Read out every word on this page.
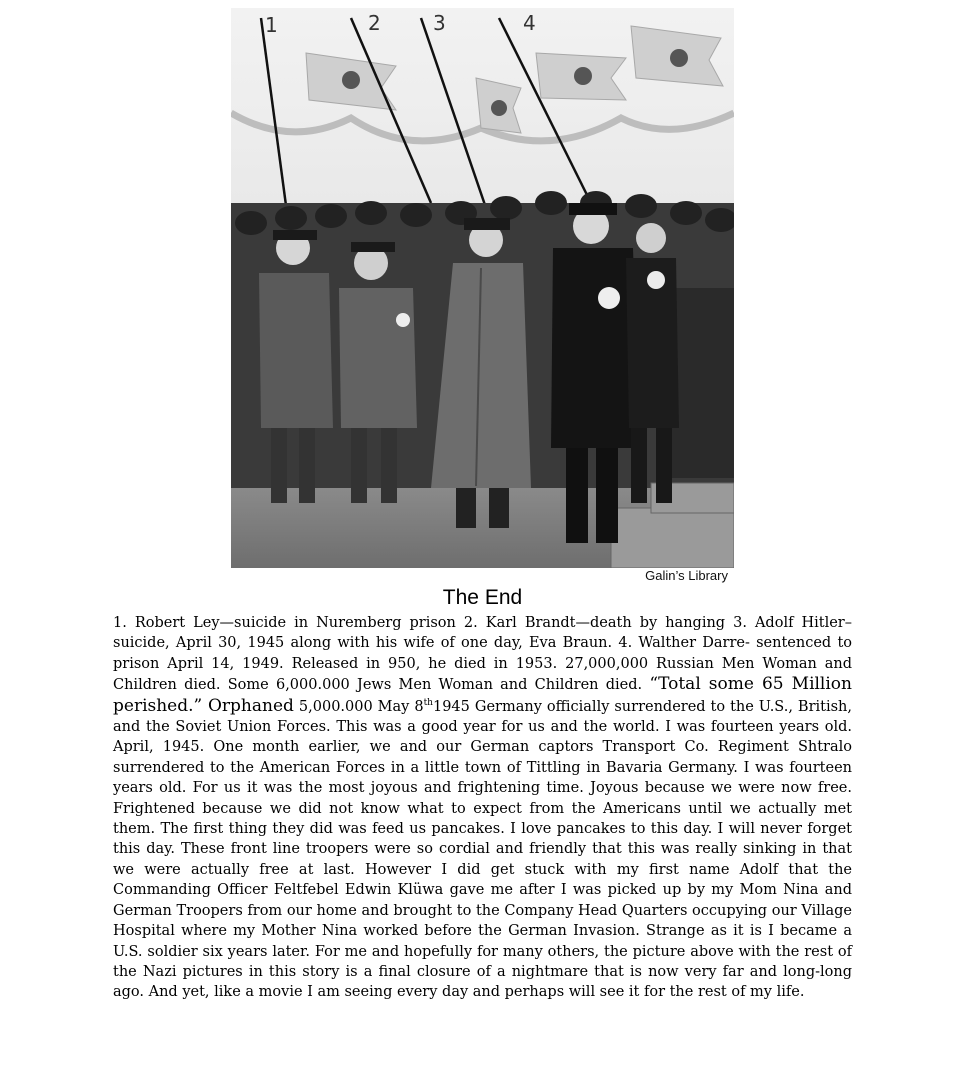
1	2	3	4
Galin’s Library
The End

1. Robert Ley—suicide in Nuremberg prison 2. Karl Brandt—death by hanging 3. Adolf Hitler–suicide, April 30, 1945 along with his wife of one day, Eva Braun. 4. Walther Darre- sentenced to prison April 14, 1949. Released in 950, he died in 1953. 27,000,000 Russian Men Woman and Children died. Some 6,000.000 Jews Men Woman and Children died. “Total some 65 Million perished.” Orphaned 5,000.000 May 8th1945 Germany officially surrendered to the U.S., British, and the Soviet Union Forces. This was a good year for us and the world. I was fourteen years old. April, 1945. One month earlier, we and our German captors Transport Co. Regiment Shtralo surrendered to the American Forces in a little town of Tittling in Bavaria Germany. I was fourteen years old. For us it was the most joyous and frightening time. Joyous because we were now free. Frightened because we did not know what to expect from the Americans until we actually met them. The first thing they did was feed us pancakes. I love pancakes to this day. I will never forget this day. These front line troopers were so cordial and friendly that this was really sinking in that we were actually free at last. However I did get stuck with my first name Adolf that the Commanding Officer Feltfebel Edwin Klüwa gave me after I was picked up by my Mom Nina and German Troopers from our home and brought to the Company Head Quarters occupying our Village Hospital where my Mother Nina worked before the German Invasion. Strange as it is I became a U.S. soldier six years later. For me and hopefully for many others, the picture above with the rest of the Nazi pictures in this story is a final closure of a nightmare that is now very far and long-long ago. And yet, like a movie I am seeing every day and perhaps will see it for the rest of my life.
